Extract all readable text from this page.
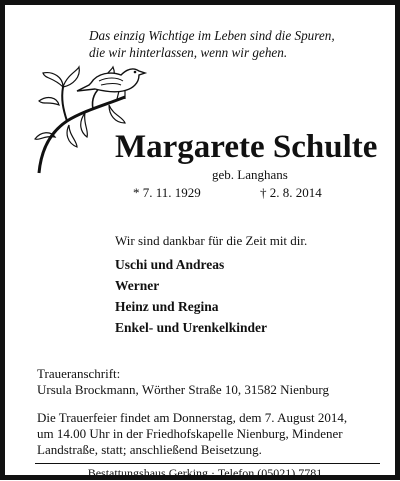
Das einzig Wichtige im Leben sind die Spuren,
die wir hinterlassen, wenn wir gehen.
Margarete Schulte
geb. Langhans
* 7. 11. 1929	† 2. 8. 2014
Wir sind dankbar für die Zeit mit dir.
Uschi und Andreas
Werner
Heinz und Regina
Enkel- und Urenkelkinder
Traueranschrift:
Ursula Brockmann, Wörther Straße 10, 31582 Nienburg
Die Trauerfeier findet am Donnerstag, dem 7. August 2014,
um 14.00 Uhr in der Friedhofskapelle Nienburg, Mindener
Landstraße, statt; anschließend Beisetzung.
Bestattungshaus Gerking · Telefon (05021) 7781
